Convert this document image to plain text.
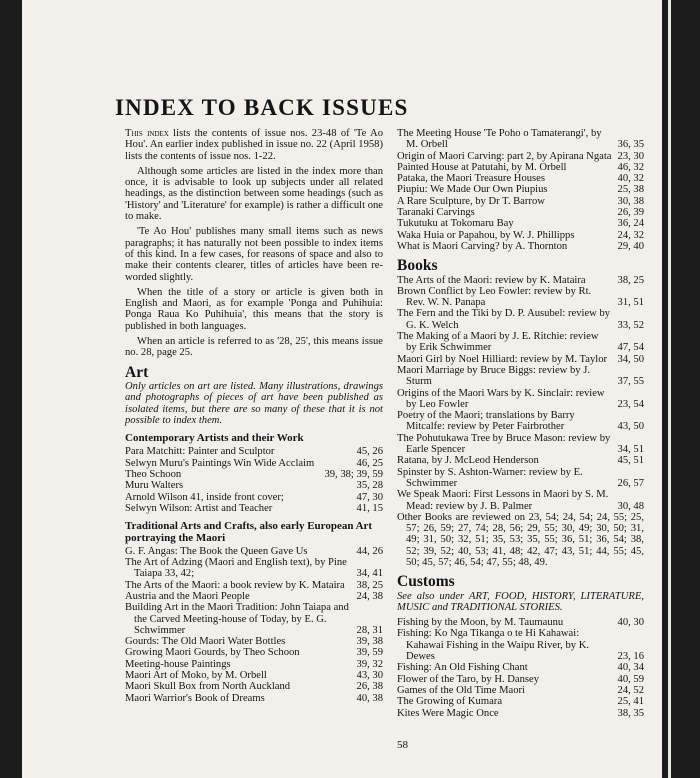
INDEX TO BACK ISSUES

This index lists the contents of issue nos. 23-48 of 'Te Ao Hou'. An earlier index published in issue no. 22 (April 1958) lists the contents of issue nos. 1-22.

Although some articles are listed in the index more than once, it is advisable to look up subjects under all related headings, as the distinction between some headings (such as 'History' and 'Literature' for example) is rather a difficult one to make.

'Te Ao Hou' publishes many small items such as news paragraphs; it has naturally not been possible to index items of this kind. In a few cases, for reasons of space and also to make their contents clearer, titles of articles have been re-worded slightly.

When the title of a story or article is given both in English and Maori, as for example 'Ponga and Puhihuia: Ponga Raua Ko Puhihuia', this means that the story is published in both languages.

When an article is referred to as '28, 25', this means issue no. 28, page 25.

Art
Only articles on art are listed. Many illustrations, drawings and photographs of pieces of art have been published as isolated items, but there are so many of these that it is not possible to index them.
Contemporary Artists and their Work
Para Matchitt: Painter and Sculptor	45, 26
Selwyn Muru's Paintings Win Wide Acclaim	46, 25
Theo Schoon	39, 38; 39, 59
Muru Walters	35, 28
Arnold Wilson 41, inside front cover;	47, 30
Selwyn Wilson: Artist and Teacher	41, 15
Traditional Arts and Crafts, also early European Art portraying the Maori
G. F. Angas: The Book the Queen Gave Us	44, 26
The Art of Adzing (Maori and English text), by Pine Taiapa 33, 42;	34, 41
The Arts of the Maori: a book review by K. Mataira	38, 25
Austria and the Maori People	24, 38
Building Art in the Maori Tradition: John Taiapa and the Carved Meeting-house of Today, by E. G. Schwimmer	28, 31
Gourds: The Old Maori Water Bottles	39, 38
Growing Maori Gourds, by Theo Schoon	39, 59
Meeting-house Paintings	39, 32
Maori Art of Moko, by M. Orbell	43, 30
Maori Skull Box from North Auckland	26, 38
Maori Warrior's Book of Dreams	40, 38
The Meeting House 'Te Poho o Tamaterangi', by M. Orbell	36, 35
Origin of Maori Carving: part 2, by Apirana Ngata 23, 30
Painted House at Patutahi, by M. Orbell	46, 32
Pataka, the Maori Treasure Houses	40, 32
Piupiu: We Made Our Own Piupius	25, 38
A Rare Sculpture, by Dr T. Barrow	30, 38
Taranaki Carvings	26, 39
Tukutuku at Tokomaru Bay	36, 24
Waka Huia or Papahou, by W. J. Phillipps	24, 32
What is Maori Carving? by A. Thornton	29, 40
Books
The Arts of the Maori: review by K. Mataira	38, 25
Brown Conflict by Leo Fowler: review by Rt. Rev. W. N. Panapa	31, 51
The Fern and the Tiki by D. P. Ausubel: review by G. K. Welch	33, 52
The Making of a Maori by J. E. Ritchie: review by Erik Schwimmer	47, 54
Maori Girl by Noel Hilliard: review by M. Taylor 34, 50
Maori Marriage by Bruce Biggs: review by J. Sturm	37, 55
Origins of the Maori Wars by K. Sinclair: review by Leo Fowler	23, 54
Poetry of the Maori; translations by Barry Mitcalfe: review by Peter Fairbrother	43, 50
The Pohutukawa Tree by Bruce Mason: review by Earle Spencer	34, 51
Ratana, by J. McLeod Henderson	45, 51
Spinster by S. Ashton-Warner: review by E. Schwimmer	26, 57
We Speak Maori: First Lessons in Maori by S. M. Mead: review by J. B. Palmer	30, 48
Other Books are reviewed on 23, 54; 24, 54; 24, 55; 25, 57; 26, 59; 27, 74; 28, 56; 29, 55; 30, 49; 30, 50; 31, 49; 31, 50; 32, 51; 35, 53; 35, 55; 36, 51; 36, 54; 38, 52; 39, 52; 40, 53; 41, 48; 42, 47; 43, 51; 44, 55; 45, 50; 45, 57; 46, 54; 47, 55; 48, 49.
Customs
See also under ART, FOOD, HISTORY, LITERATURE, MUSIC and TRADITIONAL STORIES.
Fishing by the Moon, by M. Taumaunu	40, 30
Fishing: Ko Nga Tikanga o te Hi Kahawai: Kahawai Fishing in the Waipu River, by K. Dewes	23, 16
Fishing: An Old Fishing Chant	40, 34
Flower of the Taro, by H. Dansey	40, 59
Games of the Old Time Maori	24, 52
The Growing of Kumara	25, 41
Kites Were Magic Once	38, 35
58
